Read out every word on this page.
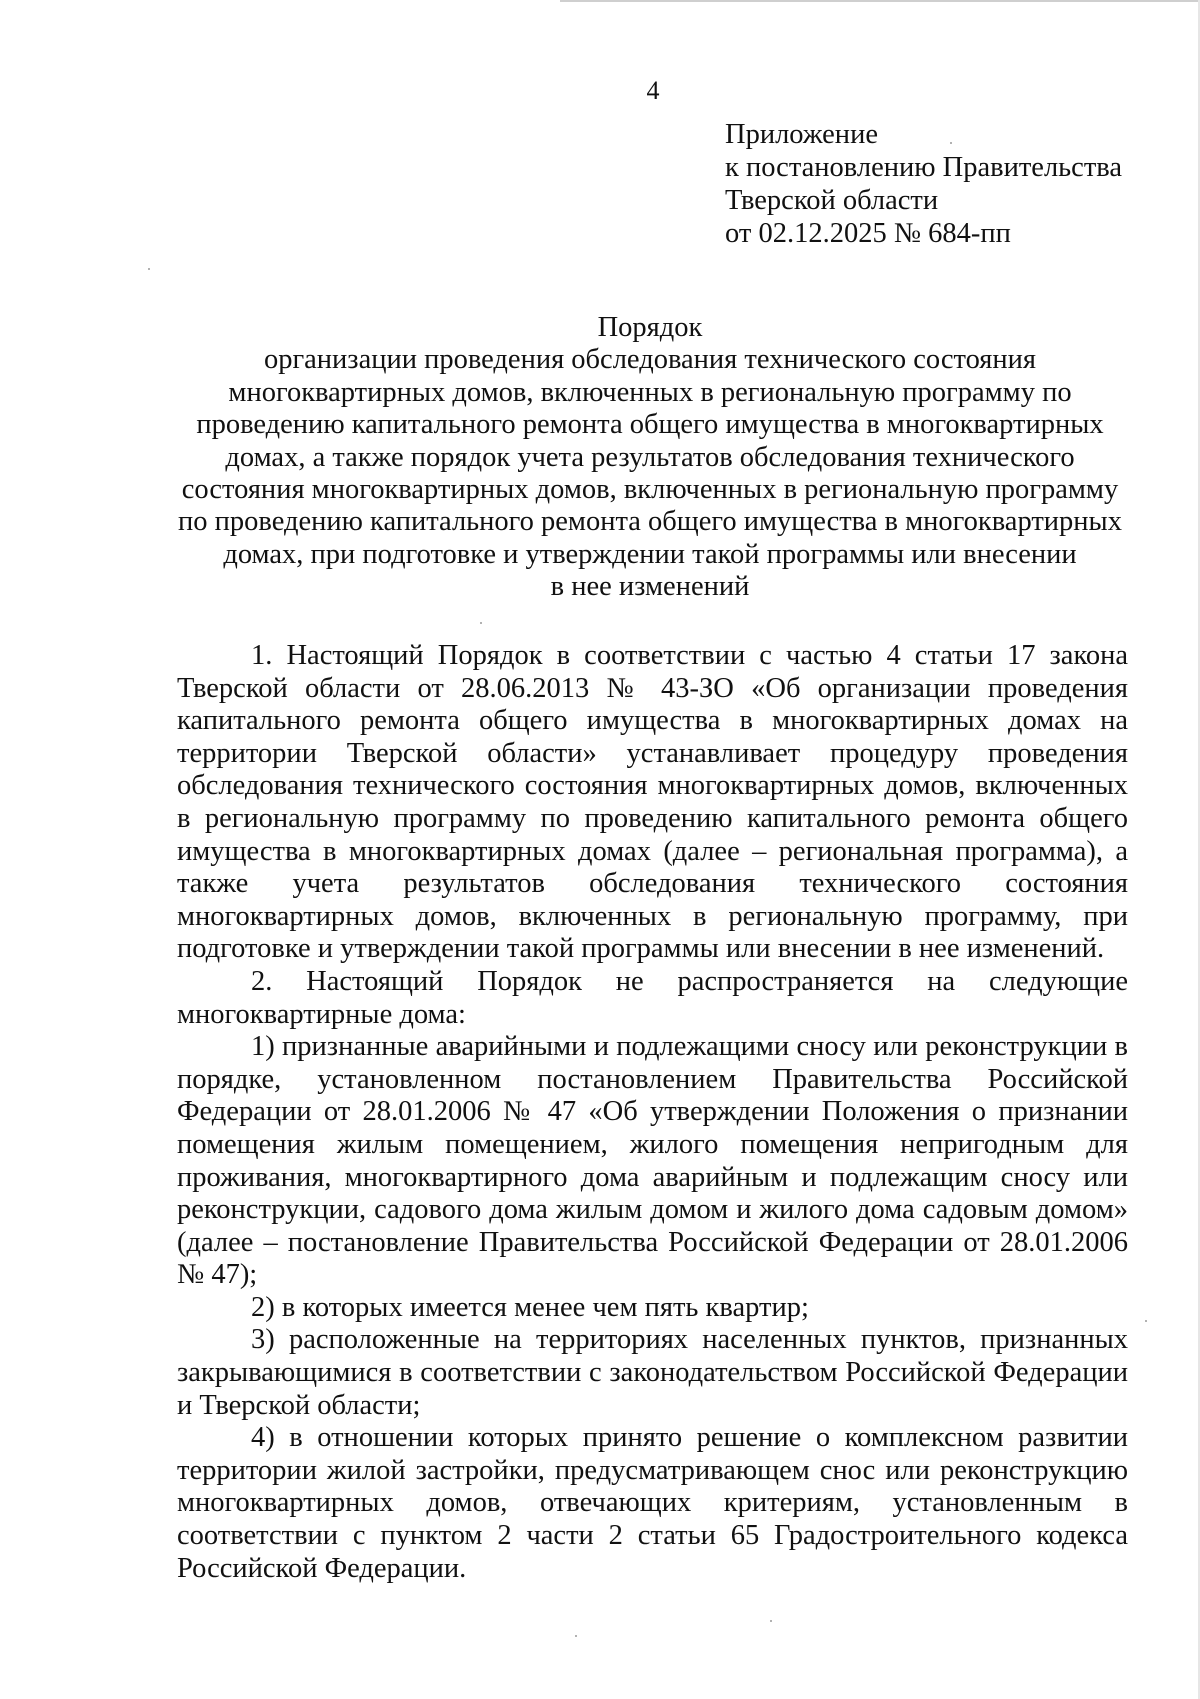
4
Приложение
к постановлению Правительства
Тверской области
от 02.12.2025 № 684-пп
Порядок
организации проведения обследования технического состояния
многоквартирных домов, включенных в региональную программу по
проведению капитального ремонта общего имущества в многоквартирных
домах, а также порядок учета результатов обследования технического
состояния многоквартирных домов, включенных в региональную программу
по проведению капитального ремонта общего имущества в многоквартирных
домах, при подготовке и утверждении такой программы или внесении
в нее изменений

1. Настоящий Порядок в соответствии с частью 4 статьи 17 закона Тверской области от 28.06.2013 № 43-ЗО «Об организации проведения капитального ремонта общего имущества в многоквартирных домах на территории Тверской области» устанавливает процедуру проведения обследования технического состояния многоквартирных домов, включенных в региональную программу по проведению капитального ремонта общего имущества в многоквартирных домах (далее – региональная программа), а также учета результатов обследования технического состояния многоквартирных домов, включенных в региональную программу, при подготовке и утверждении такой программы или внесении в нее изменений.

2. Настоящий Порядок не распространяется на следующие многоквартирные дома:

1) признанные аварийными и подлежащими сносу или реконструкции в порядке, установленном постановлением Правительства Российской Федерации от 28.01.2006 № 47 «Об утверждении Положения о признании помещения жилым помещением, жилого помещения непригодным для проживания, многоквартирного дома аварийным и подлежащим сносу или реконструкции, садового дома жилым домом и жилого дома садовым домом» (далее – постановление Правительства Российской Федерации от 28.01.2006 № 47);

2) в которых имеется менее чем пять квартир;

3) расположенные на территориях населенных пунктов, признанных закрывающимися в соответствии с законодательством Российской Федерации и Тверской области;

4) в отношении которых принято решение о комплексном развитии территории жилой застройки, предусматривающем снос или реконструкцию многоквартирных домов, отвечающих критериям, установленным в соответствии с пунктом 2 части 2 статьи 65 Градостроительного кодекса Российской Федерации.
